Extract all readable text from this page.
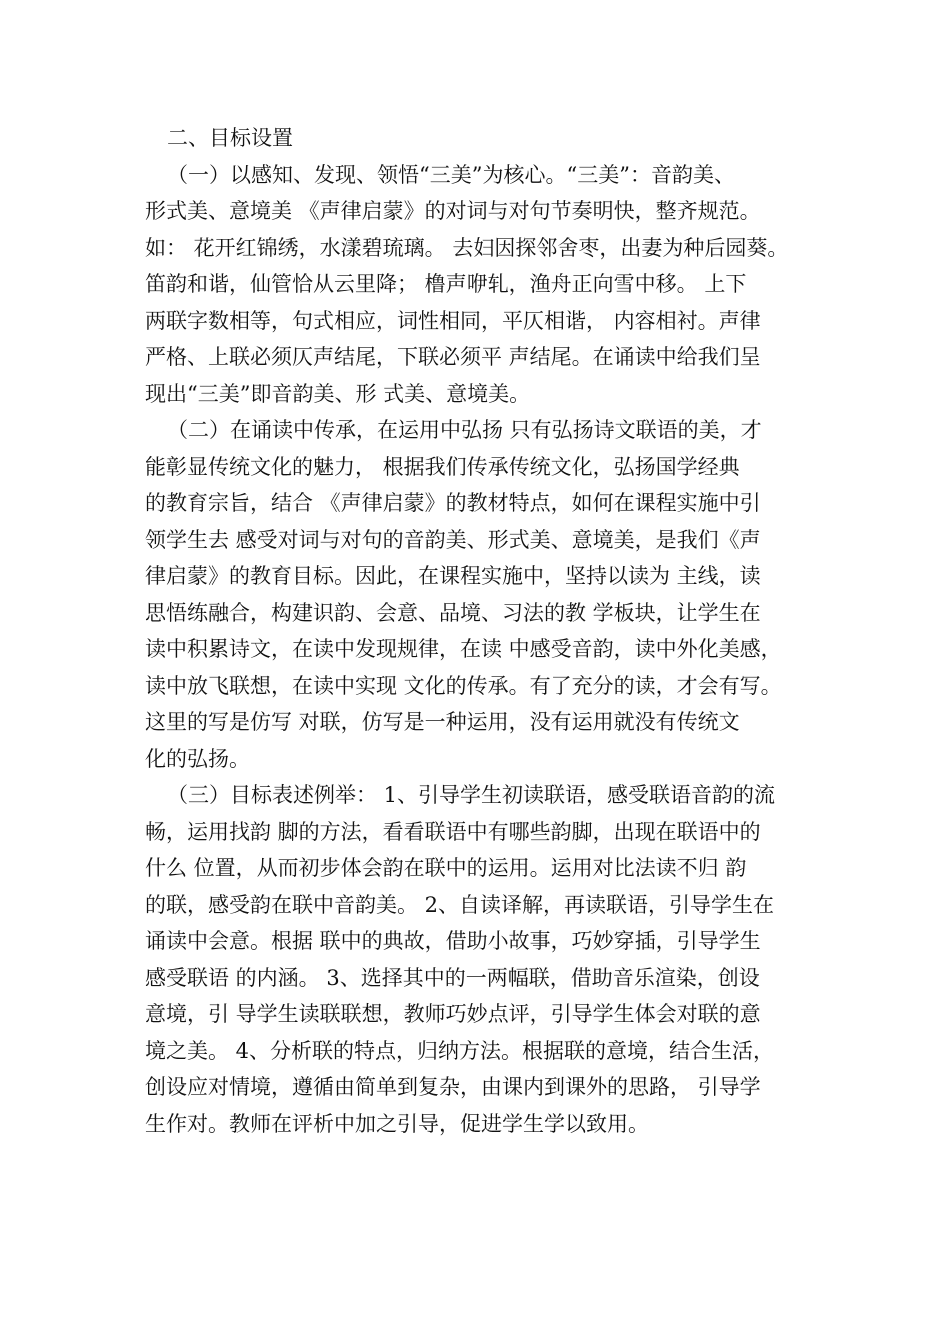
二、目标设置
（一）以感知、发现、领悟“三美”为核心。“三美”：音韵美、
形式美、意境美 《声律启蒙》的对词与对句节奏明快，整齐规范。
如： 花开红锦绣，水漾碧琉璃。 去妇因探邻舍枣，出妻为种后园葵。
笛韵和谐，仙管恰从云里降； 橹声咿轧，渔舟正向雪中移。 上下
两联字数相等，句式相应，词性相同，平仄相谐， 内容相衬。声律
严格、上联必须仄声结尾，下联必须平 声结尾。在诵读中给我们呈
现出“三美”即音韵美、形 式美、意境美。
（二）在诵读中传承，在运用中弘扬 只有弘扬诗文联语的美，才
能彰显传统文化的魅力， 根据我们传承传统文化，弘扬国学经典
的教育宗旨，结合 《声律启蒙》的教材特点，如何在课程实施中引
领学生去 感受对词与对句的音韵美、形式美、意境美，是我们《声
律启蒙》的教育目标。因此，在课程实施中，坚持以读为 主线，读
思悟练融合，构建识韵、会意、品境、习法的教 学板块，让学生在
读中积累诗文，在读中发现规律，在读 中感受音韵，读中外化美感，
读中放飞联想，在读中实现 文化的传承。有了充分的读，才会有写。
这里的写是仿写 对联，仿写是一种运用，没有运用就没有传统文
化的弘扬。
（三）目标表述例举： 1、引导学生初读联语，感受联语音韵的流
畅，运用找韵 脚的方法，看看联语中有哪些韵脚，出现在联语中的
什么 位置，从而初步体会韵在联中的运用。运用对比法读不归 韵
的联，感受韵在联中音韵美。 2、自读译解，再读联语，引导学生在
诵读中会意。根据 联中的典故，借助小故事，巧妙穿插，引导学生
感受联语 的内涵。 3、选择其中的一两幅联，借助音乐渲染，创设
意境，引 导学生读联联想，教师巧妙点评，引导学生体会对联的意
境之美。 4、分析联的特点，归纳方法。根据联的意境，结合生活，
创设应对情境，遵循由简单到复杂，由课内到课外的思路， 引导学
生作对。教师在评析中加之引导，促进学生学以致用。
